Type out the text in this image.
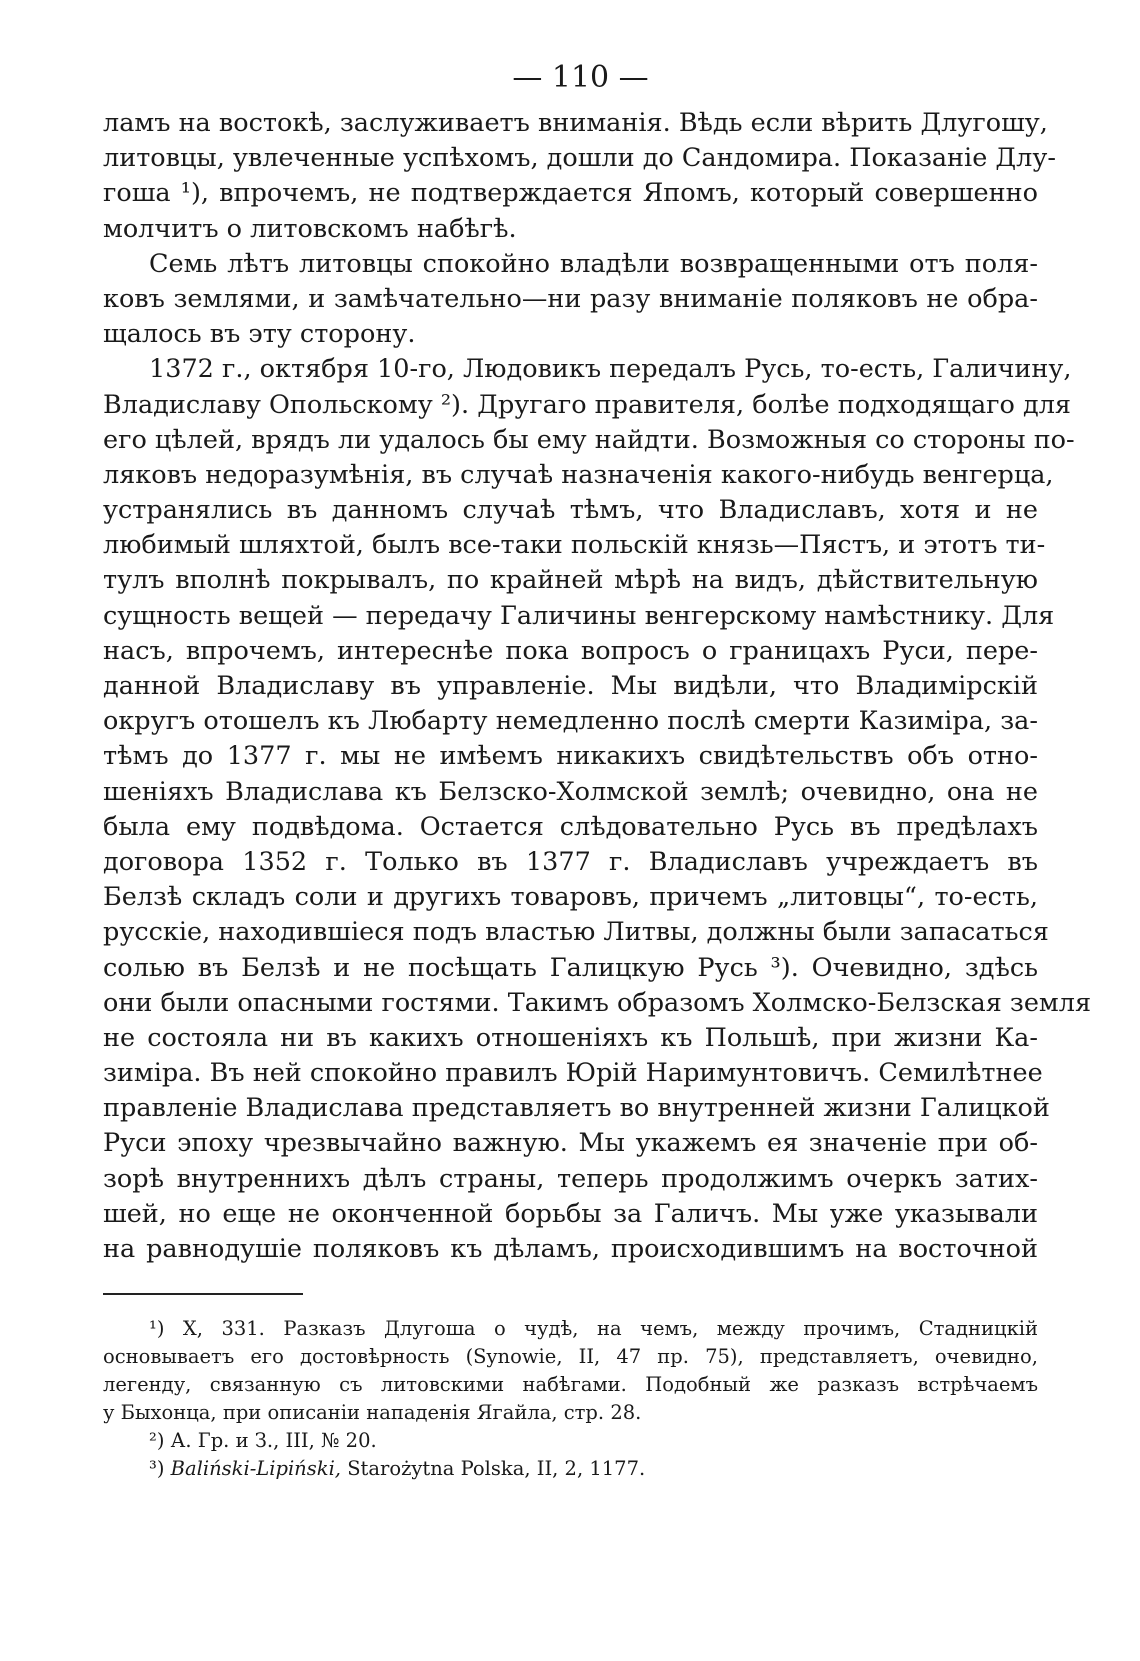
— 110 —
ламъ на востокѣ, заслуживаетъ вниманія. Вѣдь если вѣрить Длугошу,
литовцы, увлеченные успѣхомъ, дошли до Сандомира. Показаніе Длу-
гоша ¹), впрочемъ, не подтверждается Япомъ, который совершенно
молчитъ о литовскомъ набѣгѣ.
Семь лѣтъ литовцы спокойно владѣли возвращенными отъ поля-
ковъ землями, и замѣчательно—ни разу вниманіе поляковъ не обра-
щалось въ эту сторону.
1372 г., октября 10-го, Людовикъ передалъ Русь, то-есть, Галичину,
Владиславу Опольскому ²). Другаго правителя, болѣе подходящаго для
его цѣлей, врядъ ли удалось бы ему найдти. Возможныя со стороны по-
ляковъ недоразумѣнія, въ случаѣ назначенія какого-нибудь венгерца,
устранялись въ данномъ случаѣ тѣмъ, что Владиславъ, хотя и не
любимый шляхтой, былъ все-таки польскій князь—Пястъ, и этотъ ти-
тулъ вполнѣ покрывалъ, по крайней мѣрѣ на видъ, дѣйствительную
сущность вещей — передачу Галичины венгерскому намѣстнику. Для
насъ, впрочемъ, интереснѣе пока вопросъ о границахъ Руси, пере-
данной Владиславу въ управленіе. Мы видѣли, что Владимірскій
округъ отошелъ къ Любарту немедленно послѣ смерти Казиміра, за-
тѣмъ до 1377 г. мы не имѣемъ никакихъ свидѣтельствъ объ отно-
шеніяхъ Владислава къ Белзско-Холмской землѣ; очевидно, она не
была ему подвѣдома. Остается слѣдовательно Русь въ предѣлахъ
договора 1352 г. Только въ 1377 г. Владиславъ учреждаетъ въ
Белзѣ складъ соли и другихъ товаровъ, причемъ „литовцы“, то-есть,
русскіе, находившіеся подъ властью Литвы, должны были запасаться
солью въ Белзѣ и не посѣщать Галицкую Русь ³). Очевидно, здѣсь
они были опасными гостями. Такимъ образомъ Холмско-Белзская земля
не состояла ни въ какихъ отношеніяхъ къ Польшѣ, при жизни Ка-
зиміра. Въ ней спокойно правилъ Юрій Наримунтовичъ. Семилѣтнее
правленіе Владислава представляетъ во внутренней жизни Галицкой
Руси эпоху чрезвычайно важную. Мы укажемъ ея значеніе при об-
зорѣ внутреннихъ дѣлъ страны, теперь продолжимъ очеркъ затих-
шей, но еще не оконченной борьбы за Галичъ. Мы уже указывали
на равнодушіе поляковъ къ дѣламъ, происходившимъ на восточной
¹) X, 331. Разказъ Длугоша о чудѣ, на чемъ, между прочимъ, Стадницкій
основываетъ его достовѣрность (Synowie, II, 47 пр. 75), представляетъ, очевидно,
легенду, связанную съ литовскими набѣгами. Подобный же разказъ встрѣчаемъ
у Быхонца, при описаніи нападенія Ягайла, стр. 28.
²) А. Гр. и З., III, № 20.
³) Baliński-Lipiński, Starożytna Polska, II, 2, 1177.
